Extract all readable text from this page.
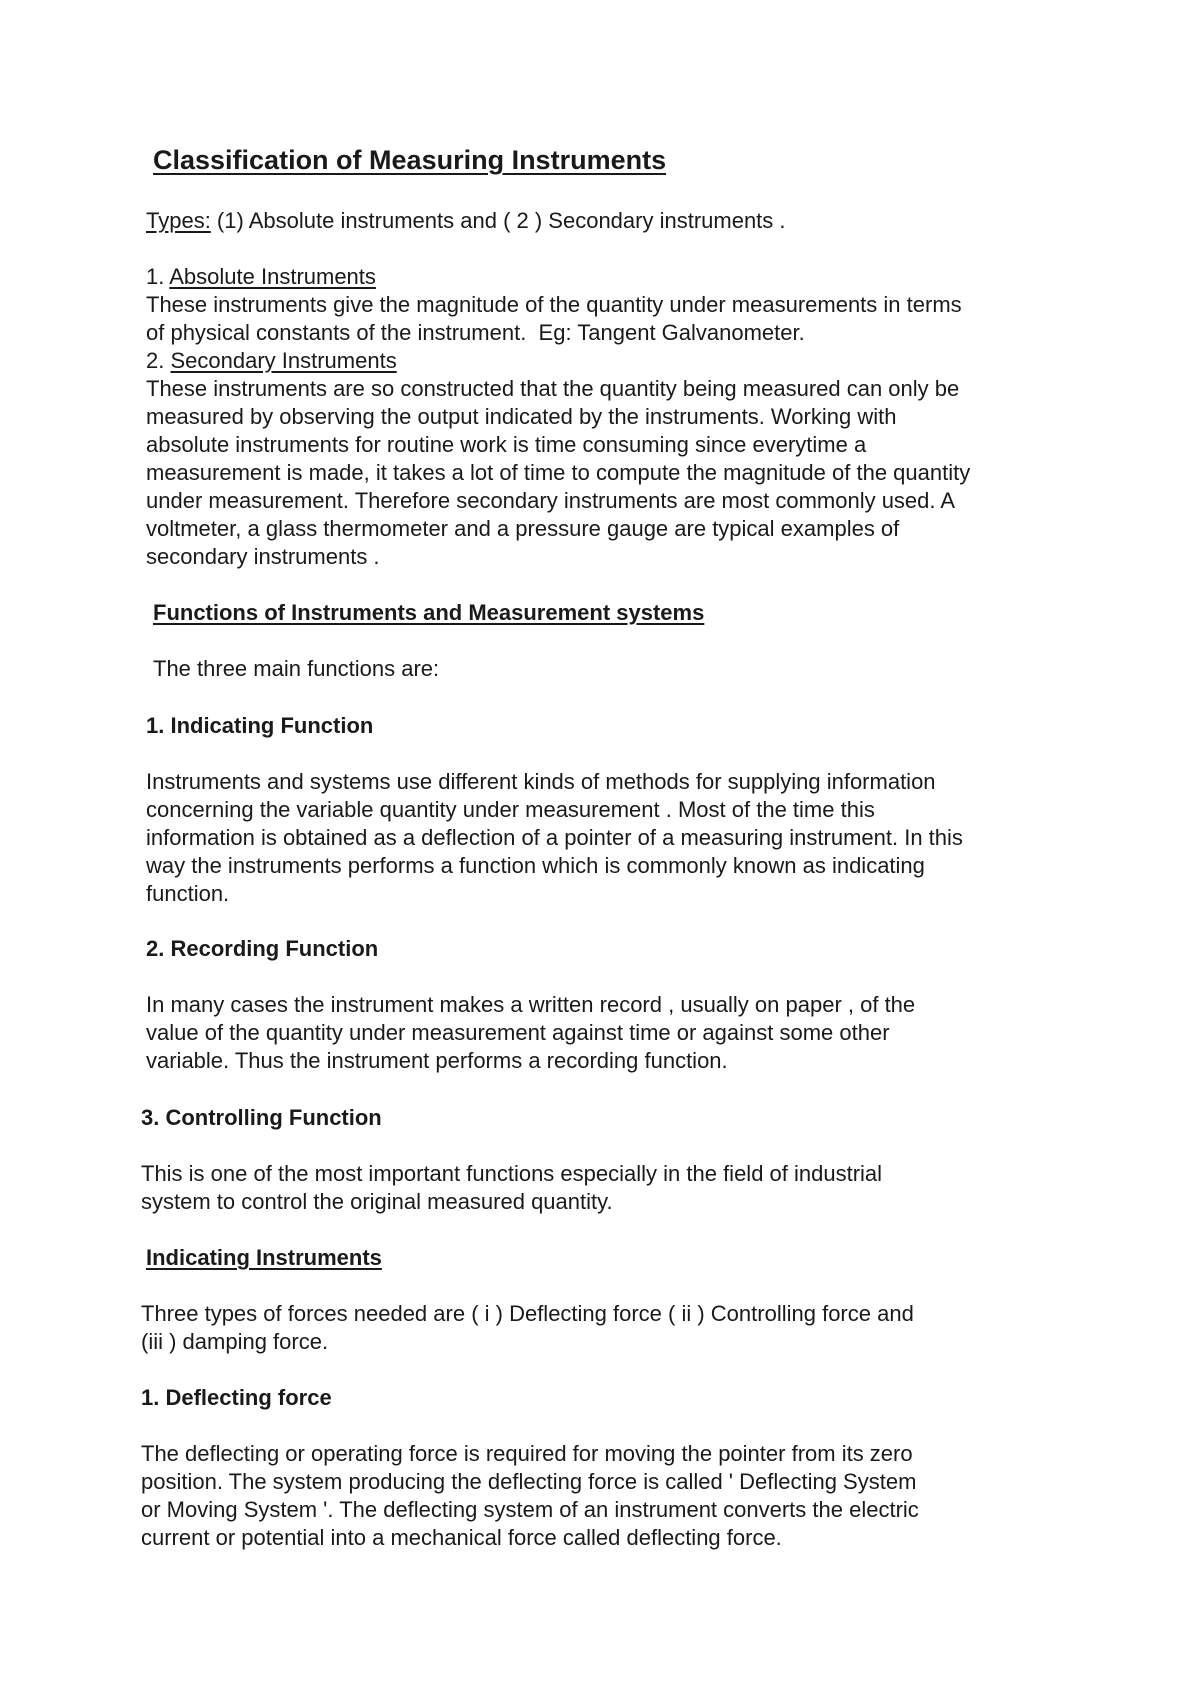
Classification of Measuring Instruments

Types: (1) Absolute instruments and ( 2 ) Secondary instruments .

1. Absolute Instruments

These instruments give the magnitude of the quantity under measurements in terms
of physical constants of the instrument.  Eg: Tangent Galvanometer.

2. Secondary Instruments

These instruments are so constructed that the quantity being measured can only be
measured by observing the output indicated by the instruments. Working with
absolute instruments for routine work is time consuming since everytime a
measurement is made, it takes a lot of time to compute the magnitude of the quantity
under measurement. Therefore secondary instruments are most commonly used. A
voltmeter, a glass thermometer and a pressure gauge are typical examples of
secondary instruments .

Functions of Instruments and Measurement systems

The three main functions are:

1. Indicating Function

Instruments and systems use different kinds of methods for supplying information
concerning the variable quantity under measurement . Most of the time this
information is obtained as a deflection of a pointer of a measuring instrument. In this
way the instruments performs a function which is commonly known as indicating
function.

2. Recording Function

In many cases the instrument makes a written record , usually on paper , of the
value of the quantity under measurement against time or against some other
variable. Thus the instrument performs a recording function.

3. Controlling Function

This is one of the most important functions especially in the field of industrial
system to control the original measured quantity.

Indicating Instruments

Three types of forces needed are ( i ) Deflecting force ( ii ) Controlling force and
(iii ) damping force.

1. Deflecting force

The deflecting or operating force is required for moving the pointer from its zero
position. The system producing the deflecting force is called ' Deflecting System
or Moving System '. The deflecting system of an instrument converts the electric
current or potential into a mechanical force called deflecting force.
